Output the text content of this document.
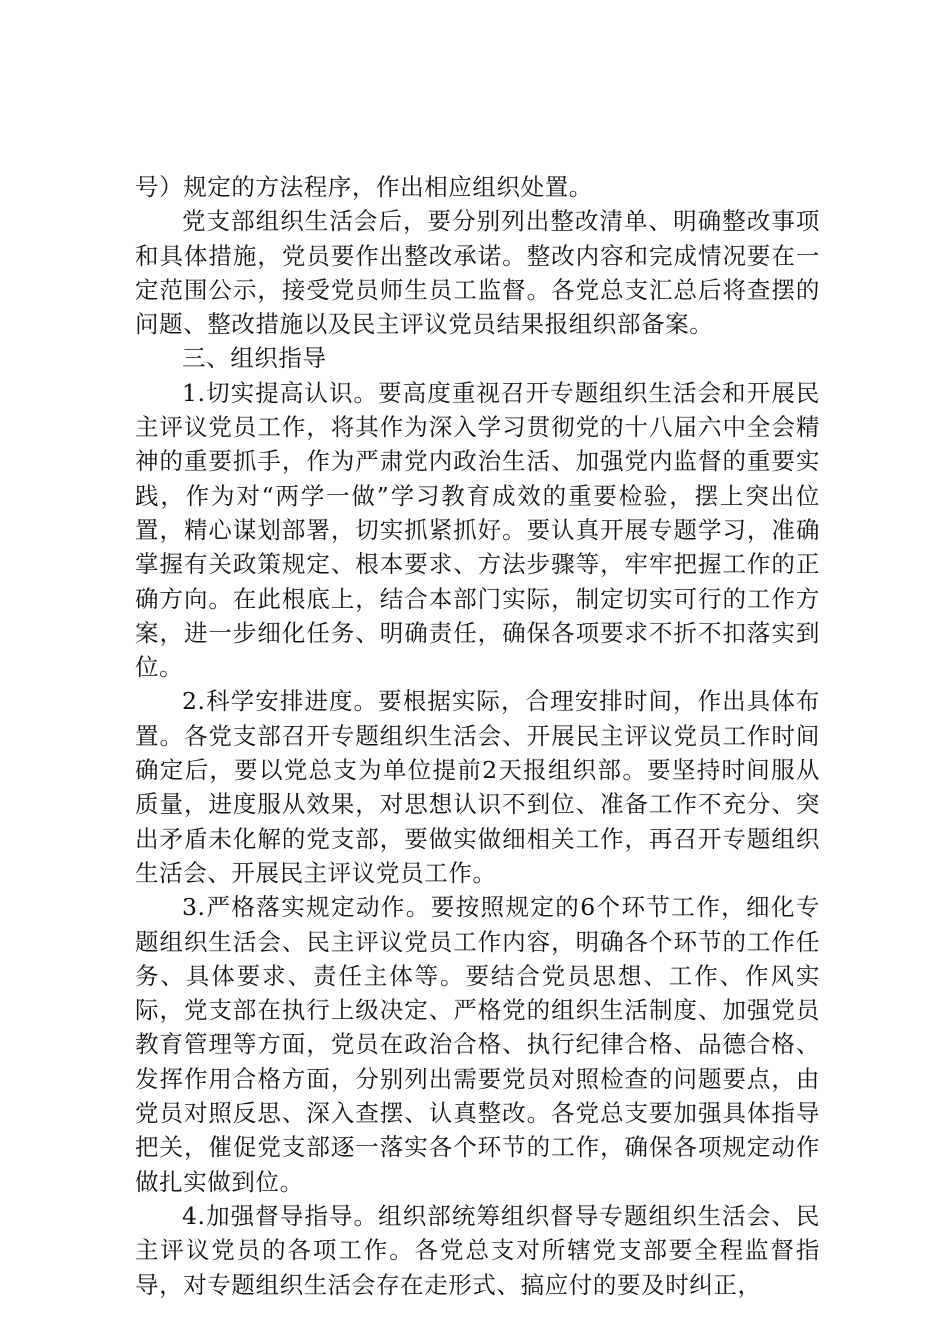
号）规定的方法程序，作出相应组织处置。

党支部组织生活会后，要分别列出整改清单、明确整改事项和具体措施，党员要作出整改承诺。整改内容和完成情况要在一定范围公示，接受党员师生员工监督。各党总支汇总后将查摆的问题、整改措施以及民主评议党员结果报组织部备案。

三、组织指导

1.切实提高认识。要高度重视召开专题组织生活会和开展民主评议党员工作，将其作为深入学习贯彻党的十八届六中全会精神的重要抓手，作为严肃党内政治生活、加强党内监督的重要实践，作为对“两学一做”学习教育成效的重要检验，摆上突出位置，精心谋划部署，切实抓紧抓好。要认真开展专题学习，准确掌握有关政策规定、根本要求、方法步骤等，牢牢把握工作的正确方向。在此根底上，结合本部门实际，制定切实可行的工作方案，进一步细化任务、明确责任，确保各项要求不折不扣落实到位。

2.科学安排进度。要根据实际，合理安排时间，作出具体布置。各党支部召开专题组织生活会、开展民主评议党员工作时间确定后，要以党总支为单位提前2天报组织部。要坚持时间服从质量，进度服从效果，对思想认识不到位、准备工作不充分、突出矛盾未化解的党支部，要做实做细相关工作，再召开专题组织生活会、开展民主评议党员工作。

3.严格落实规定动作。要按照规定的6个环节工作，细化专题组织生活会、民主评议党员工作内容，明确各个环节的工作任务、具体要求、责任主体等。要结合党员思想、工作、作风实际，党支部在执行上级决定、严格党的组织生活制度、加强党员教育管理等方面，党员在政治合格、执行纪律合格、品德合格、发挥作用合格方面，分别列出需要党员对照检查的问题要点，由党员对照反思、深入查摆、认真整改。各党总支要加强具体指导把关，催促党支部逐一落实各个环节的工作，确保各项规定动作做扎实做到位。

4.加强督导指导。组织部统筹组织督导专题组织生活会、民主评议党员的各项工作。各党总支对所辖党支部要全程监督指导，对专题组织生活会存在走形式、搞应付的要及时纠正，
